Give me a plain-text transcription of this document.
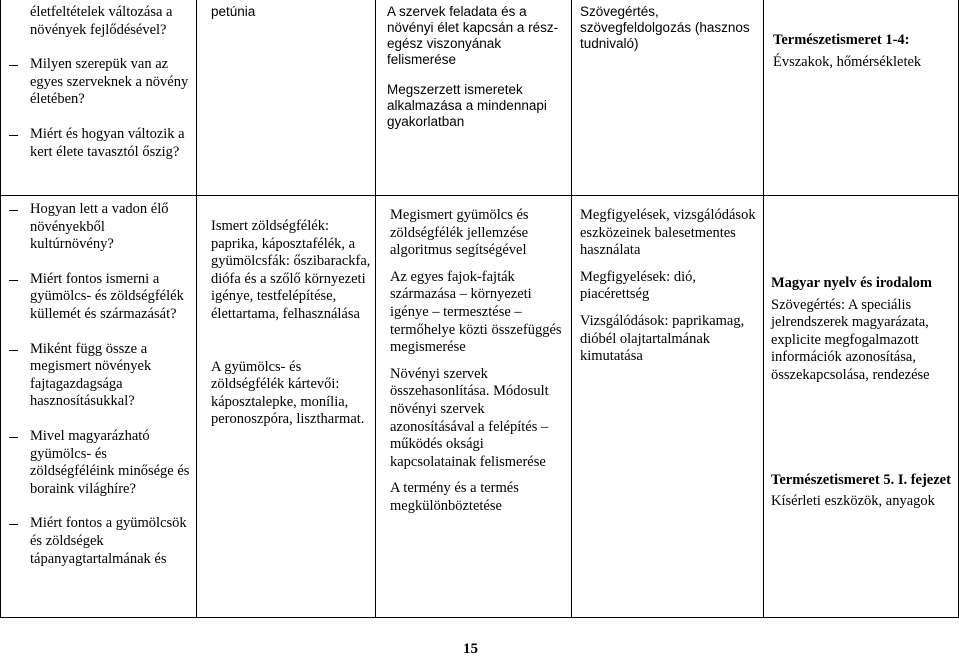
életfeltételek változása a növények fejlődésével?

Milyen szerepük van az egyes szerveknek a növény életében?

Miért és hogyan változik a kert élete tavasztól őszig?

petúnia	A szervek feladata és a növényi élet kapcsán a rész-egész viszonyának felismerése

Megszerzett ismeretek alkalmazása a mindennapi gyakorlatban

Szövegértés, szövegfeldolgozás (hasznos tudnivaló)	Természetismeret 1-4:

Évszakok, hőmérsékletek

Hogyan lett a vadon élő növényekből kultúrnövény?

Miért fontos ismerni a gyümölcs- és zöldségfélék küllemét és származását?

Miként függ össze a megismert növények fajtagazdagsága hasznosításukkal?

Mivel magyarázható gyümölcs- és zöldségféléink minősége és boraink világhíre?

Miért fontos a gyümölcsök és zöldségek tápanyagtartalmának és

Ismert zöldségfélék: paprika, káposztafélék, a gyümölcsfák: őszibarackfa, diófa és a szőlő környezeti igénye, testfelépítése, élettartama, felhasználása

A gyümölcs- és zöldségfélék kártevői: káposztalepke, monília, peronoszpóra, lisztharmat.

Megismert gyümölcs és zöldségfélék jellemzése algoritmus segítségével

Az egyes fajok-fajták származása – környezeti igénye – termesztése – termőhelye közti összefüggés megismerése

Növényi szervek összehasonlítása. Módosult növényi szervek azonosításával a felépítés – működés oksági kapcsolatainak felismerése

A termény és a termés megkülönböztetése

Megfigyelések, vizsgálódások eszközeinek balesetmentes használata

Megfigyelések: dió, piacérettség

Vizsgálódások: paprikamag, dióbél olajtartalmának kimutatása

Magyar nyelv és irodalom

Szövegértés: A speciális jelrendszerek magyarázata, explicite megfogalmazott információk azonosítása, összekapcsolása, rendezése

Természetismeret 5. I. fejezet

Kísérleti eszközök, anyagok

15
